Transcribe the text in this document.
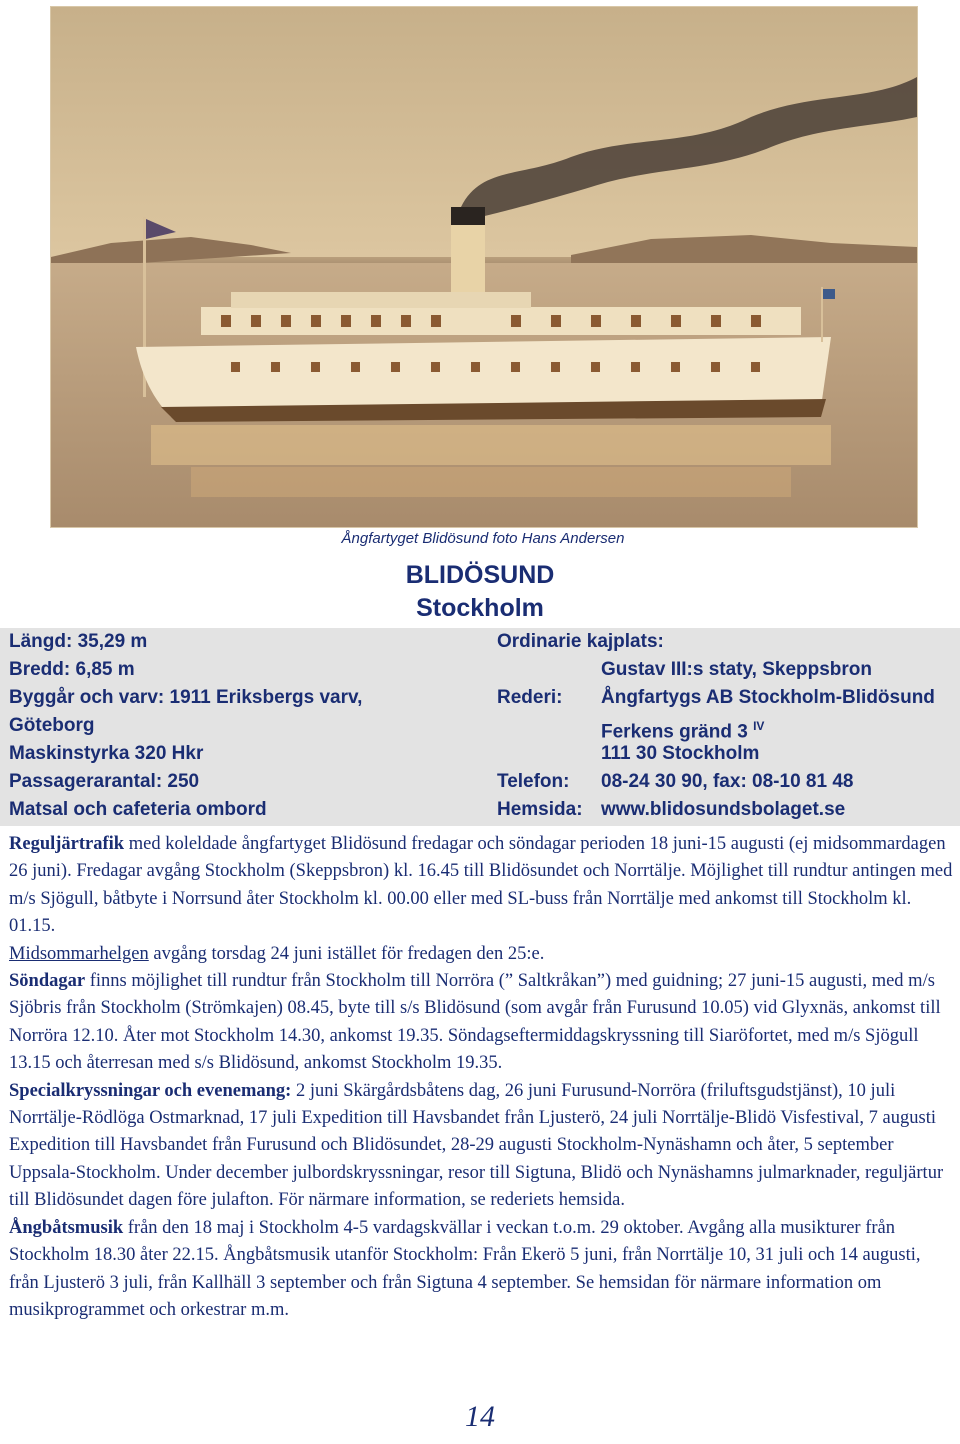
Ångfartyget Blidösund foto Hans Andersen
BLIDÖSUND
Stockholm
Längd: 35,29 m
Bredd: 6,85 m
Byggår och varv: 1911 Eriksbergs varv,
Göteborg
Maskinstyrka 320 Hkr
Passagerarantal: 250
Matsal och cafeteria ombord
Ordinarie kajplats:
Gustav III:s staty, Skeppsbron
Rederi: Ångfartygs AB Stockholm-Blidösund
Ferkens gränd 3 $^{IV}$
111 30 Stockholm
Telefon: 08-24 30 90, fax: 08-10 81 48
Hemsida: www.blidosundsbolaget.se

Reguljärtrafik med koleldade ångfartyget Blidösund fredagar och söndagar perioden 18 juni-15 augusti (ej midsommardagen 26 juni). Fredagar avgång Stockholm (Skeppsbron) kl. 16.45 till Blidösundet och Norrtälje. Möjlighet till rundtur antingen med m/s Sjögull, båtbyte i Norrsund åter Stockholm kl. 00.00 eller med SL-buss från Norrtälje med ankomst till Stockholm kl. 01.15.

Midsommarhelgen avgång torsdag 24 juni istället för fredagen den 25:e.

Söndagar finns möjlighet till rundtur från Stockholm till Norröra (” Saltkråkan”) med guidning; 27 juni-15 augusti, med m/s Sjöbris från Stockholm (Strömkajen) 08.45, byte till s/s Blidösund (som avgår från Furusund 10.05) vid Glyxnäs, ankomst till Norröra 12.10. Åter mot Stockholm 14.30, ankomst 19.35. Söndagseftermiddagskryssning till Siaröfortet, med m/s Sjögull 13.15 och återresan med s/s Blidösund, ankomst Stockholm 19.35.

Specialkryssningar och evenemang: 2 juni Skärgårdsbåtens dag, 26 juni Furusund-Norröra (friluftsgudstjänst), 10 juli Norrtälje-Rödlöga Ostmarknad, 17 juli Expedition till Havsbandet från Ljusterö, 24 juli Norrtälje-Blidö Visfestival, 7 augusti Expedition till Havsbandet från Furusund och Blidösundet, 28-29 augusti Stockholm-Nynäshamn och åter, 5 september Uppsala-Stockholm. Under december julbordskryssningar, resor till Sigtuna, Blidö och Nynäshamns julmarknader, reguljärtur till Blidösundet dagen före julafton. För närmare information, se rederiets hemsida.

Ångbåtsmusik från den 18 maj i Stockholm 4-5 vardagskvällar i veckan t.o.m. 29 oktober. Avgång alla musikturer från Stockholm 18.30 åter 22.15. Ångbåtsmusik utanför Stockholm: Från Ekerö 5 juni, från Norrtälje 10, 31 juli och 14 augusti, från Ljusterö 3 juli, från Kallhäll 3 september och från Sigtuna 4 september. Se hemsidan för närmare information om musikprogrammet och orkestrar m.m.

14
